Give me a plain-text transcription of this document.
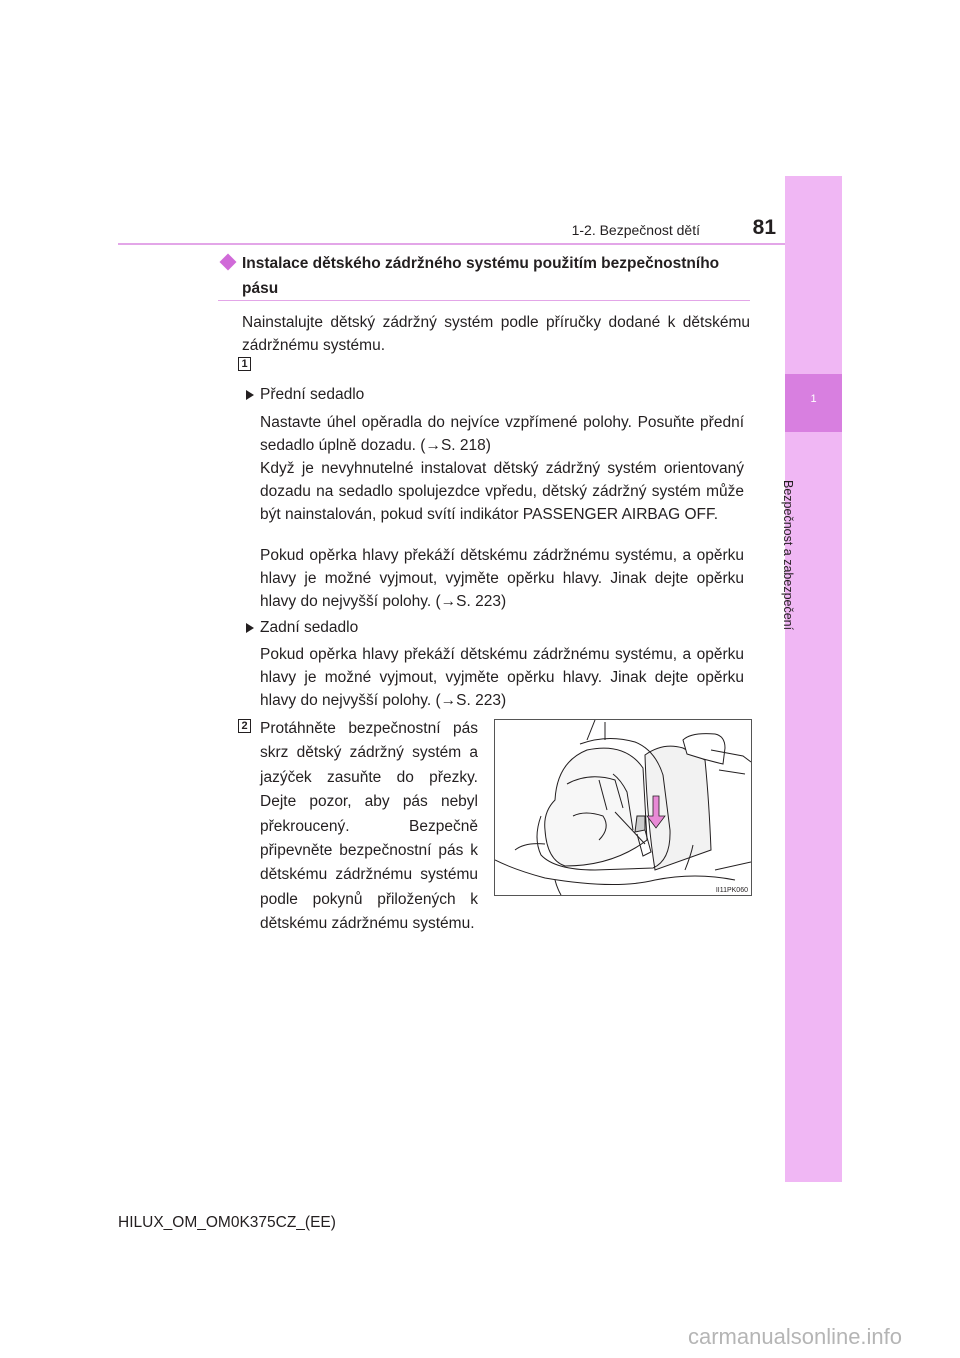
1-2. Bezpečnost dětí	81
1
Bezpečnost a zabezpečení
Instalace dětského zádržného systému použitím bezpečnostního pásu
Nainstalujte dětský zádržný systém podle příručky dodané k dětskému zádržnému systému.
1
Přední sedadlo
Nastavte úhel opěradla do nejvíce vzpřímené polohy. Posuňte přední sedadlo úplně dozadu. (→S. 218)
Když je nevyhnutelné instalovat dětský zádržný systém orientovaný dozadu na sedadlo spolujezdce vpředu, dětský zádržný systém může být nainstalován, pokud svítí indikátor PASSENGER AIRBAG OFF.
Pokud opěrka hlavy překáží dětskému zádržnému systému, a opěrku hlavy je možné vyjmout, vyjměte opěrku hlavy. Jinak dejte opěrku hlavy do nejvyšší polohy. (→S. 223)
Zadní sedadlo
Pokud opěrka hlavy překáží dětskému zádržnému systému, a opěrku hlavy je možné vyjmout, vyjměte opěrku hlavy. Jinak dejte opěrku hlavy do nejvyšší polohy. (→S. 223)
2 Protáhněte bezpečnostní pás skrz dětský zádržný systém a jazýček zasuňte do přezky. Dejte pozor, aby pás nebyl překroucený. Bezpečně připevněte bezpečnostní pás k dětskému zádržnému systému podle pokynů přiložených k dětskému zádržnému systému.
II11PK060
HILUX_OM_OM0K375CZ_(EE)
carmanualsonline.info
